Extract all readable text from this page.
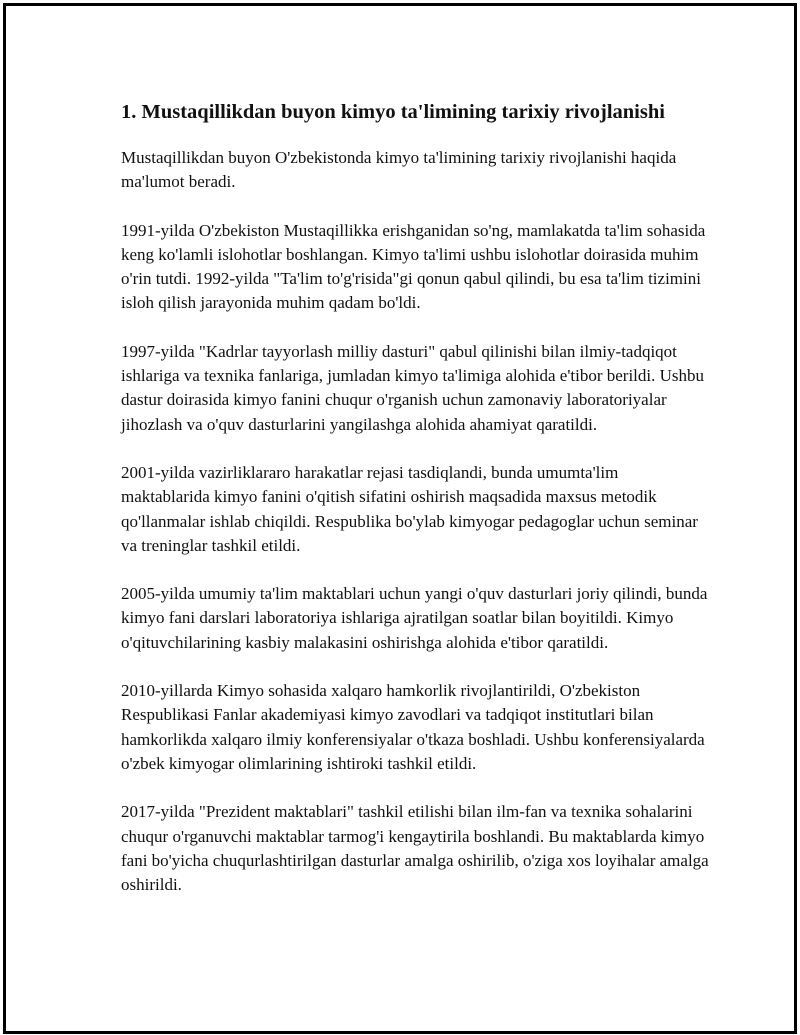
1. Mustaqillikdan buyon kimyo ta'limining tarixiy rivojlanishi

Mustaqillikdan buyon O'zbekistonda kimyo ta'limining tarixiy rivojlanishi haqida ma'lumot beradi.

1991-yilda O'zbekiston Mustaqillikka erishganidan so'ng, mamlakatda ta'lim sohasida keng ko'lamli islohotlar boshlangan. Kimyo ta'limi ushbu islohotlar doirasida muhim o'rin tutdi. 1992-yilda "Ta'lim to'g'risida"gi qonun qabul qilindi, bu esa ta'lim tizimini isloh qilish jarayonida muhim qadam bo'ldi.

1997-yilda "Kadrlar tayyorlash milliy dasturi" qabul qilinishi bilan ilmiy-tadqiqot ishlariga va texnika fanlariga, jumladan kimyo ta'limiga alohida e'tibor berildi. Ushbu dastur doirasida kimyo fanini chuqur o'rganish uchun zamonaviy laboratoriyalar jihozlash va o'quv dasturlarini yangilashga alohida ahamiyat qaratildi.

2001-yilda vazirliklararo harakatlar rejasi tasdiqlandi, bunda umumta'lim maktablarida kimyo fanini o'qitish sifatini oshirish maqsadida maxsus metodik qo'llanmalar ishlab chiqildi. Respublika bo'ylab kimyogar pedagoglar uchun seminar va treninglar tashkil etildi.

2005-yilda umumiy ta'lim maktablari uchun yangi o'quv dasturlari joriy qilindi, bunda kimyo fani darslari laboratoriya ishlariga ajratilgan soatlar bilan boyitildi. Kimyo o'qituvchilarining kasbiy malakasini oshirishga alohida e'tibor qaratildi.

2010-yillarda Kimyo sohasida xalqaro hamkorlik rivojlantirildi, O'zbekiston Respublikasi Fanlar akademiyasi kimyo zavodlari va tadqiqot institutlari bilan hamkorlikda xalqaro ilmiy konferensiyalar o'tkaza boshladi. Ushbu konferensiyalarda o'zbek kimyogar olimlarining ishtiroki tashkil etildi.

2017-yilda "Prezident maktablari" tashkil etilishi bilan ilm-fan va texnika sohalarini chuqur o'rganuvchi maktablar tarmog'i kengaytirila boshlandi. Bu maktablarda kimyo fani bo'yicha chuqurlashtirilgan dasturlar amalga oshirilib, o'ziga xos loyihalar amalga oshirildi.
